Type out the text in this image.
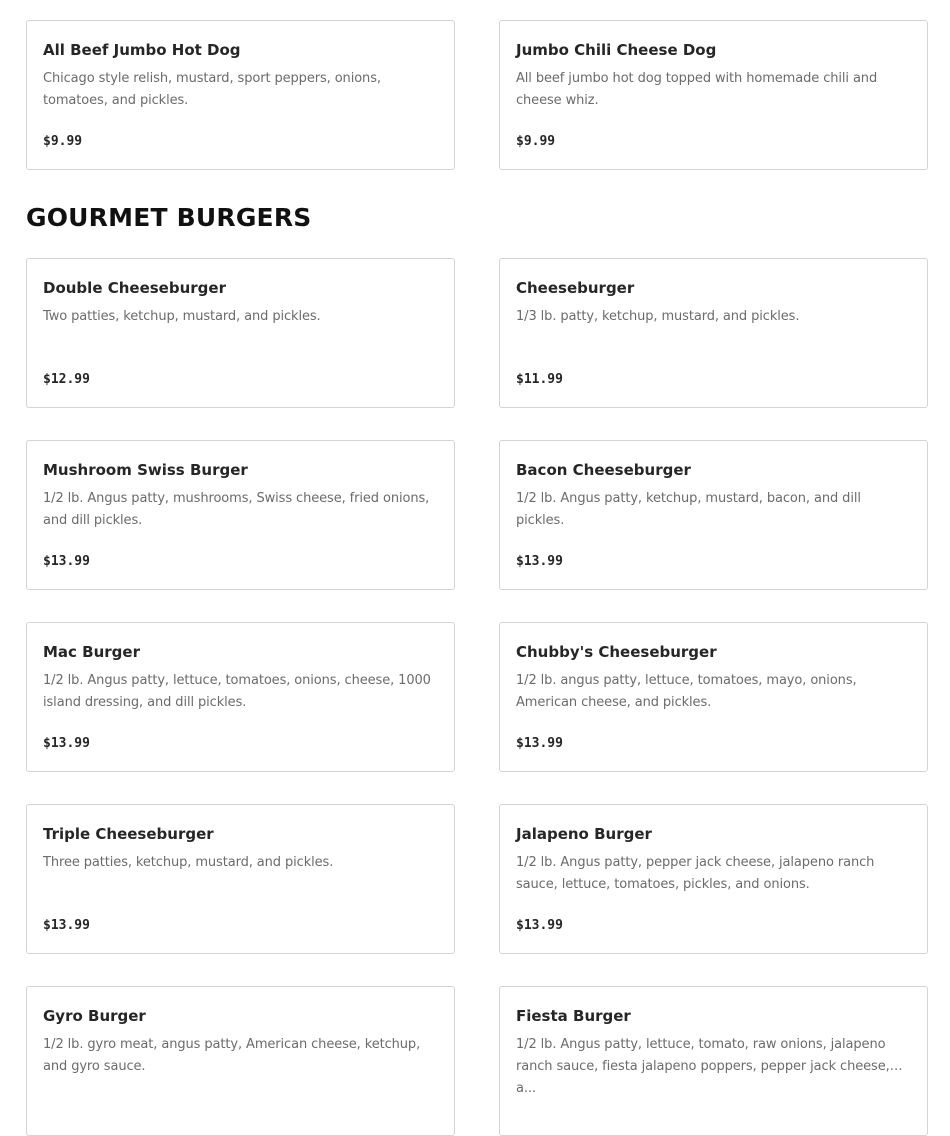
All Beef Jumbo Hot Dog
Chicago style relish, mustard, sport peppers, onions, tomatoes, and pickles.
$9.99
Jumbo Chili Cheese Dog
All beef jumbo hot dog topped with homemade chili and cheese whiz.
$9.99
GOURMET BURGERS
Double Cheeseburger
Two patties, ketchup, mustard, and pickles.
$12.99
Cheeseburger
1/3 lb. patty, ketchup, mustard, and pickles.
$11.99
Mushroom Swiss Burger
1/2 lb. Angus patty, mushrooms, Swiss cheese, fried onions, and dill pickles.
$13.99
Bacon Cheeseburger
1/2 lb. Angus patty, ketchup, mustard, bacon, and dill pickles.
$13.99
Mac Burger
1/2 lb. Angus patty, lettuce, tomatoes, onions, cheese, 1000 island dressing, and dill pickles.
$13.99
Chubby's Cheeseburger
1/2 lb. angus patty, lettuce, tomatoes, mayo, onions, American cheese, and pickles.
$13.99
Triple Cheeseburger
Three patties, ketchup, mustard, and pickles.
$13.99
Jalapeno Burger
1/2 lb. Angus patty, pepper jack cheese, jalapeno ranch sauce, lettuce, tomatoes, pickles, and onions.
$13.99
Gyro Burger
1/2 lb. gyro meat, angus patty, American cheese, ketchup, and gyro sauce.
Fiesta Burger
1/2 lb. Angus patty, lettuce, tomato, raw onions, jalapeno ranch sauce, fiesta jalapeno poppers, pepper jack cheese, a...
